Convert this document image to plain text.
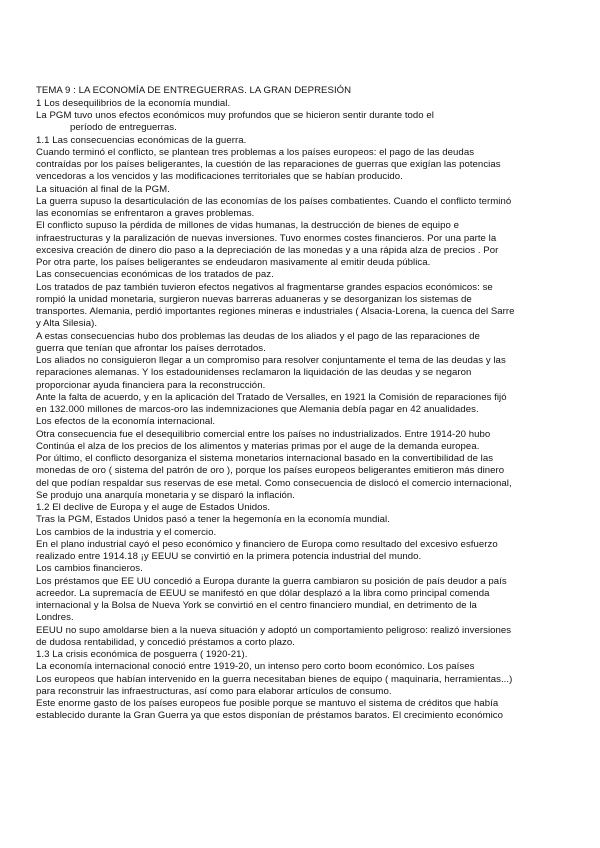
TEMA 9 : LA ECONOMÍA DE ENTREGUERRAS. LA GRAN DEPRESIÓN
1 Los desequilibrios de la economía mundial.
La PGM tuvo unos efectos económicos muy profundos que se hicieron sentir durante todo el
período de entreguerras.
1.1 Las consecuencias económicas de la guerra.
Cuando terminó el conflicto, se plantean tres problemas a los países europeos: el pago de las deudas
contraídas por los países beligerantes, la cuestión de las reparaciones de guerras que exigían las potencias
vencedoras a los vencidos y las modificaciones territoriales que se habían producido.
La situación al final de la PGM.
La guerra supuso la desarticulación de las economías de los países combatientes. Cuando el conflicto terminó
las economías se enfrentaron a graves problemas.
El conflicto supuso la pérdida de millones de vidas humanas, la destrucción de bienes de equipo e
infraestructuras y la paralización de nuevas inversiones. Tuvo enormes costes financieros. Por una parte la
excesiva creación de dinero dio paso a la depreciación de las monedas y a una rápida alza de precios . Por
Por otra parte, los países beligerantes se endeudaron masivamente al emitir deuda pública.
Las consecuencias económicas de los tratados de paz.
Los tratados de paz también tuvieron efectos negativos al fragmentarse grandes espacios económicos: se
rompió la unidad monetaria, surgieron nuevas barreras aduaneras y se desorganizan los sistemas de
transportes. Alemania, perdió importantes regiones mineras e industriales ( Alsacia-Lorena, la cuenca del Sarre
y Alta Silesia).
A estas consecuencias hubo dos problemas las deudas de los aliados y el pago de las reparaciones de
guerra que tenían que afrontar los países derrotados.
Los aliados no consiguieron llegar a un compromiso para resolver conjuntamente el tema de las deudas y las
reparaciones alemanas. Y los estadounidenses reclamaron la liquidación de las deudas y se negaron
proporcionar ayuda financiera para la reconstrucción.
Ante la falta de acuerdo, y en la aplicación del Tratado de Versalles, en 1921 la Comisión de reparaciones fijó
en 132.000 millones de marcos-oro las indemnizaciones que Alemania debía pagar en 42 anualidades.
Los efectos de la economía internacional.
Otra consecuencia fue el desequilibrio comercial entre los países no industrializados. Entre 1914-20 hubo
Continúa el alza de los precios de los alimentos y materias primas por el auge de la demanda europea.
Por último, el conflicto desorganiza el sistema monetarios internacional basado en la convertibilidad de las
monedas de oro ( sistema del patrón de oro ), porque los países europeos beligerantes emitieron más dinero
del que podían respaldar sus reservas de ese metal. Como consecuencia de dislocó el comercio internacional,
Se produjo una anarquía monetaria y se disparó la inflación.
1.2 El declive de Europa y el auge de Estados Unidos.
Tras la PGM, Estados Unidos pasó a tener la hegemonía en la economía mundial.
Los cambios de la industria y el comercio.
En el plano industrial cayó el peso económico y financiero de Europa como resultado del excesivo esfuerzo
realizado entre 1914.18 ¡y EEUU se convirtió en la primera potencia industrial del mundo.
Los cambios financieros.
Los préstamos que EE UU concedió a Europa durante la guerra cambiaron su posición de país deudor a país
acreedor. La supremacía de EEUU se manifestó en que dólar desplazó a la libra como principal comenda
internacional y la Bolsa de Nueva York se convirtió en el centro financiero mundial, en detrimento de la
Londres.
EEUU no supo amoldarse bien a la nueva situación y adoptó un comportamiento peligroso: realizó inversiones
de dudosa rentabilidad, y concedió préstamos a corto plazo.
1.3 La crisis económica de posguerra ( 1920-21).
La economía internacional conoció entre 1919-20, un intenso pero corto boom económico. Los países
Los europeos que habían intervenido en la guerra necesitaban bienes de equipo ( maquinaria, herramientas...)
para reconstruir las infraestructuras, así como para elaborar artículos de consumo.
Este enorme gasto de los países europeos fue posible porque se mantuvo el sistema de créditos que había
establecido durante la Gran Guerra ya que estos disponían de préstamos baratos. El crecimiento económico
